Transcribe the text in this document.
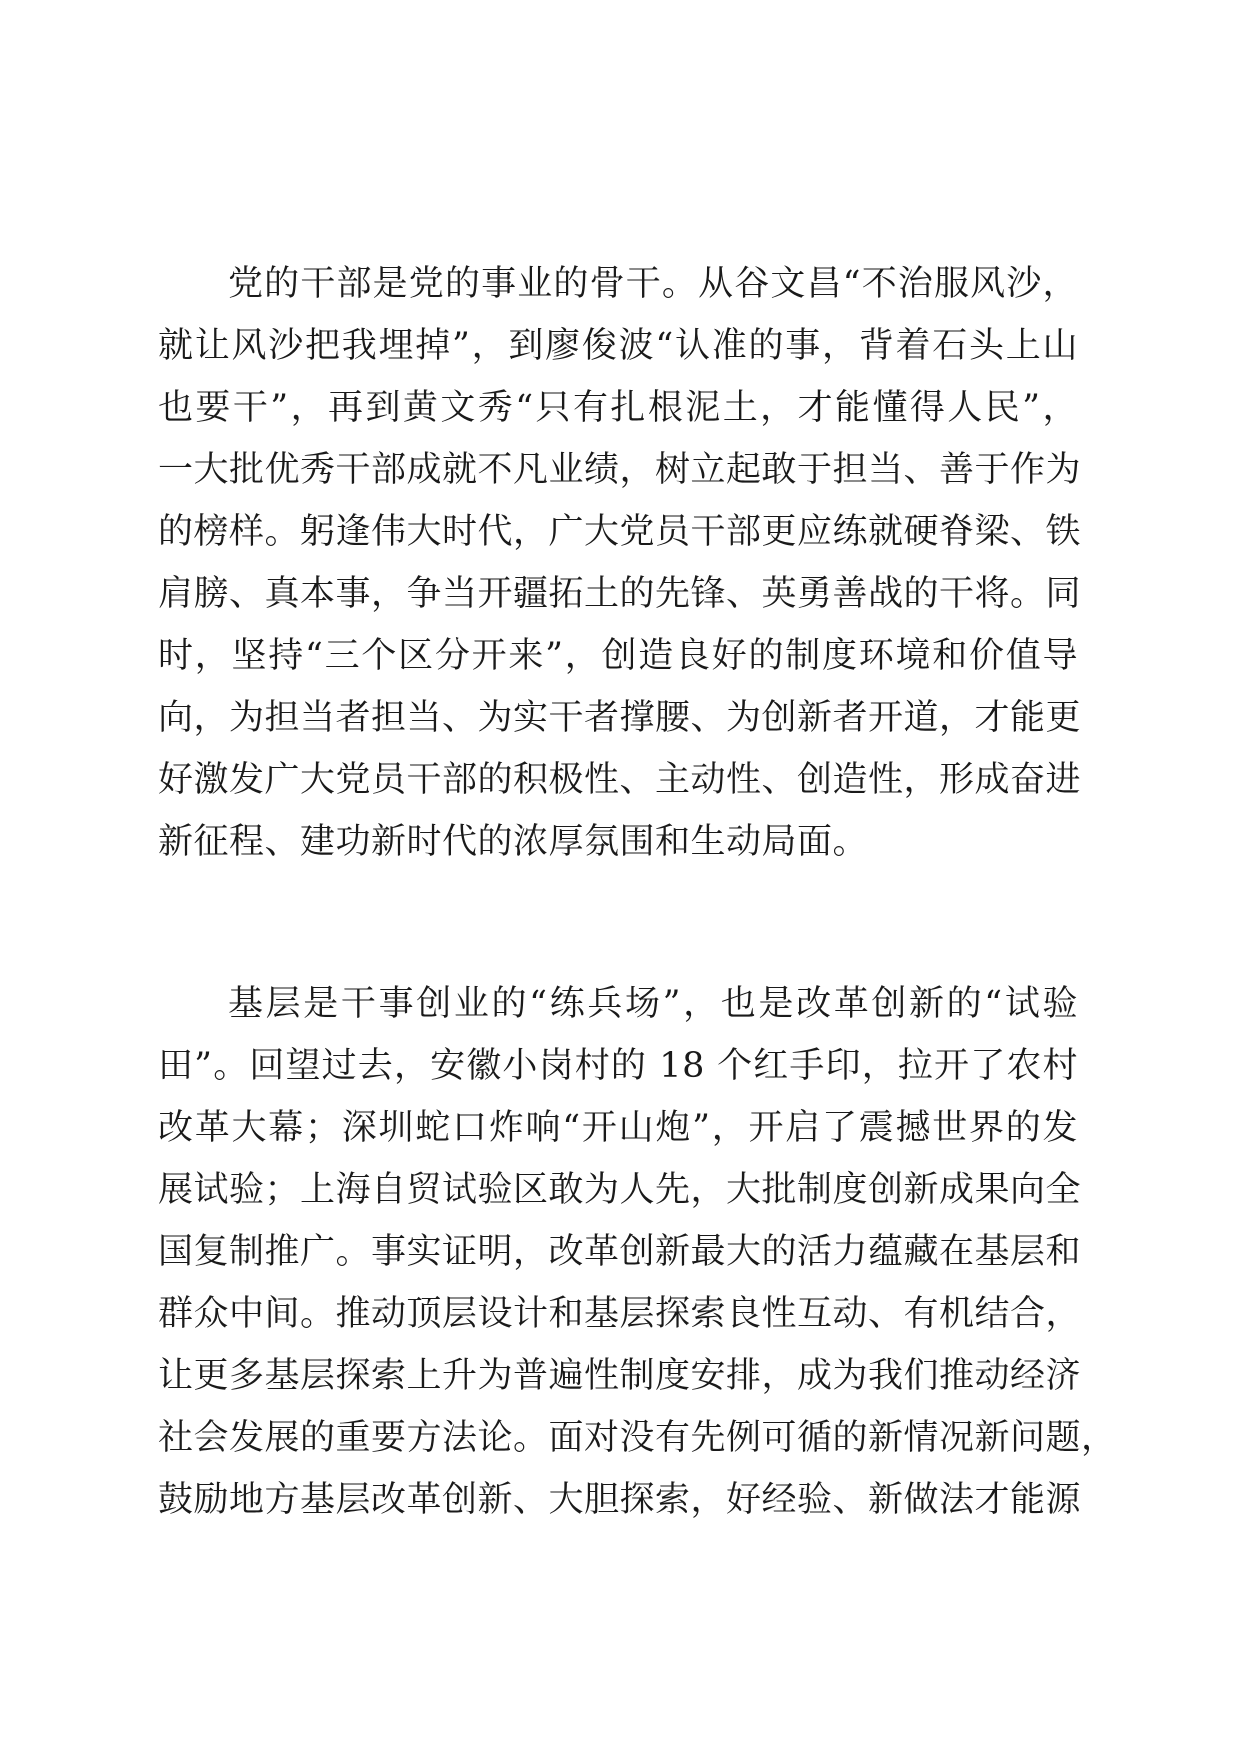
党的干部是党的事业的骨干。从谷文昌“不治服风沙，
就让风沙把我埋掉”，到廖俊波“认准的事，背着石头上山
也要干”，再到黄文秀“只有扎根泥土，才能懂得人民”，
一大批优秀干部成就不凡业绩，树立起敢于担当、善于作为
的榜样。躬逢伟大时代，广大党员干部更应练就硬脊梁、铁
肩膀、真本事，争当开疆拓土的先锋、英勇善战的干将。同
时，坚持“三个区分开来”，创造良好的制度环境和价值导
向，为担当者担当、为实干者撑腰、为创新者开道，才能更
好激发广大党员干部的积极性、主动性、创造性，形成奋进
新征程、建功新时代的浓厚氛围和生动局面。
基层是干事创业的“练兵场”，也是改革创新的“试验
田”。回望过去，安徽小岗村的 18 个红手印，拉开了农村
改革大幕；深圳蛇口炸响“开山炮”，开启了震撼世界的发
展试验；上海自贸试验区敢为人先，大批制度创新成果向全
国复制推广。事实证明，改革创新最大的活力蕴藏在基层和
群众中间。推动顶层设计和基层探索良性互动、有机结合，
让更多基层探索上升为普遍性制度安排，成为我们推动经济
社会发展的重要方法论。面对没有先例可循的新情况新问题，
鼓励地方基层改革创新、大胆探索，好经验、新做法才能源
